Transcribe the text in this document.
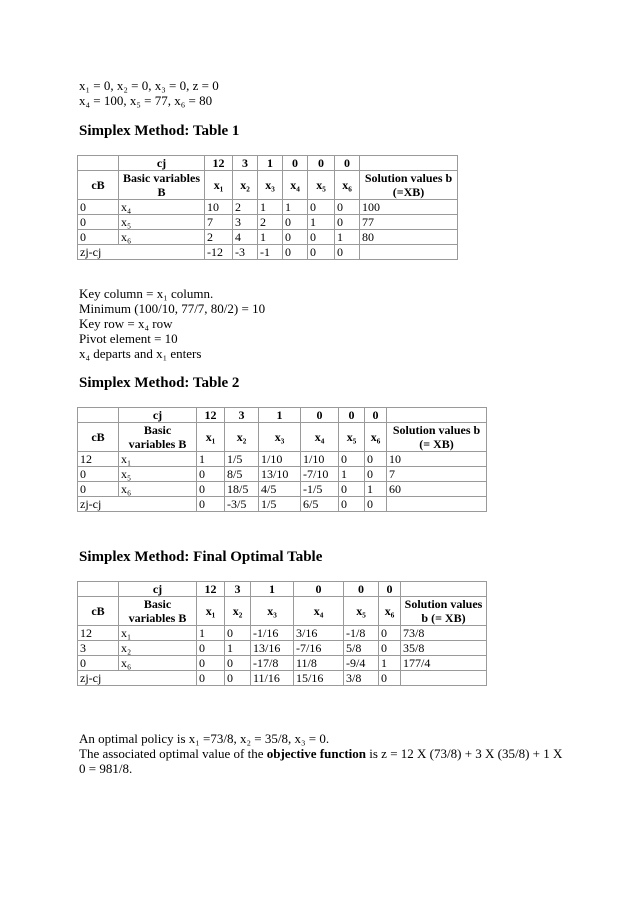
x₁ = 0, x₂ = 0, x₃ = 0, z = 0
x₄ = 100, x₅ = 77, x₆ = 80
Simplex Method: Table 1
	cj	12	3	1	0	0	0	
cB	Basic variables B	x₁	x₂	x₃	x₄	x₅	x₆	Solution values b (=XB)
0	x₄	10	2	1	1	0	0	100
0	x₅	7	3	2	0	1	0	77
0	x₆	2	4	1	0	0	1	80
zj-cj		-12	-3	-1	0	0	0	
Key column = x₁ column.
Minimum (100/10, 77/7, 80/2) = 10
Key row = x₄ row
Pivot element = 10
x₄ departs and x₁ enters
Simplex Method: Table 2
	cj	12	3	1	0	0	0	
cB	Basic variables B	x₁	x₂	x₃	x₄	x₅	x₆	Solution values b (= XB)
12	x₁	1	1/5	1/10	1/10	0	0	10
0	x₅	0	8/5	13/10	-7/10	1	0	7
0	x₆	0	18/5	4/5	-1/5	0	1	60
zj-cj		0	-3/5	1/5	6/5	0	0	
Simplex Method: Final Optimal Table
	cj	12	3	1	0	0	0	
cB	Basic variables B	x₁	x₂	x₃	x₄	x₅	x₆	Solution values b (= XB)
12	x₁	1	0	-1/16	3/16	-1/8	0	73/8
3	x₂	0	1	13/16	-7/16	5/8	0	35/8
0	x₆	0	0	-17/8	11/8	-9/4	1	177/4
zj-cj		0	0	11/16	15/16	3/8	0	
An optimal policy is x₁ =73/8, x₂ = 35/8, x₃ = 0.
The associated optimal value of the objective function is z = 12 X (73/8) + 3 X (35/8) + 1 X
0 = 981/8.
